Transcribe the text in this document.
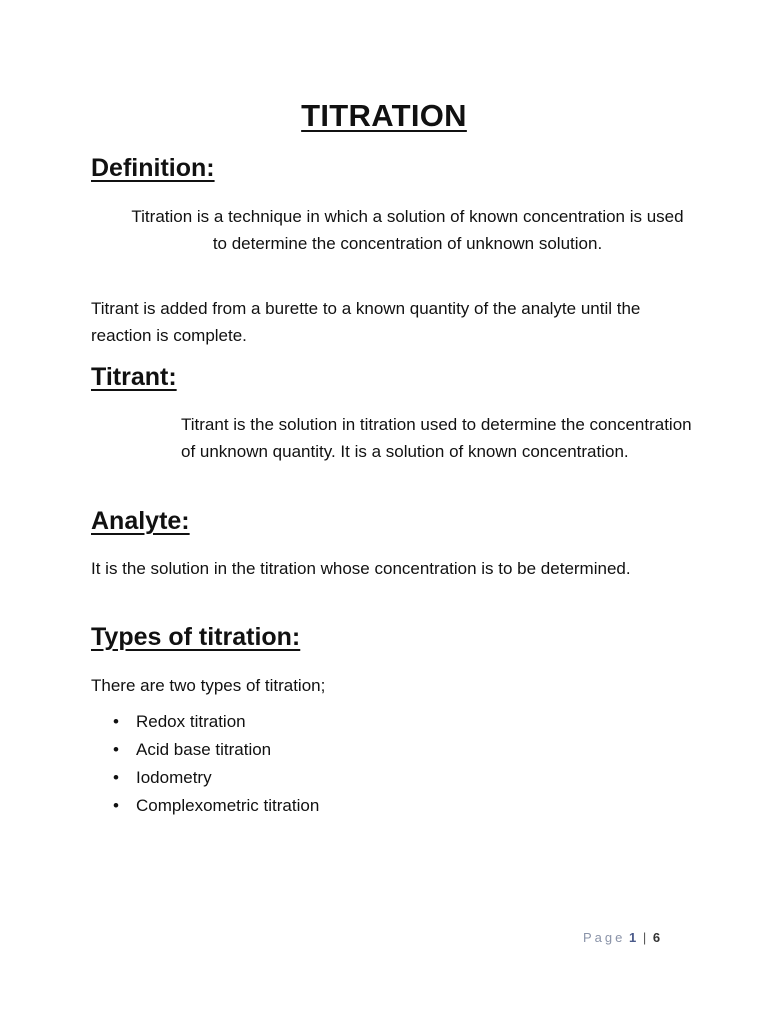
TITRATION
Definition:

Titration is a technique in which a solution of known concentration is used to determine the concentration of unknown solution.

Titrant is added from a burette to a known quantity of the analyte until the reaction is complete.

Titrant:

Titrant is the solution in titration used to determine the concentration of unknown quantity. It is a solution of known concentration.

Analyte:

It is the solution in the titration whose concentration is to be determined.

Types of titration:

There are two types of titration;

• Redox titration
• Acid base titration
• Iodometry
• Complexometric titration
Page 1 | 6
